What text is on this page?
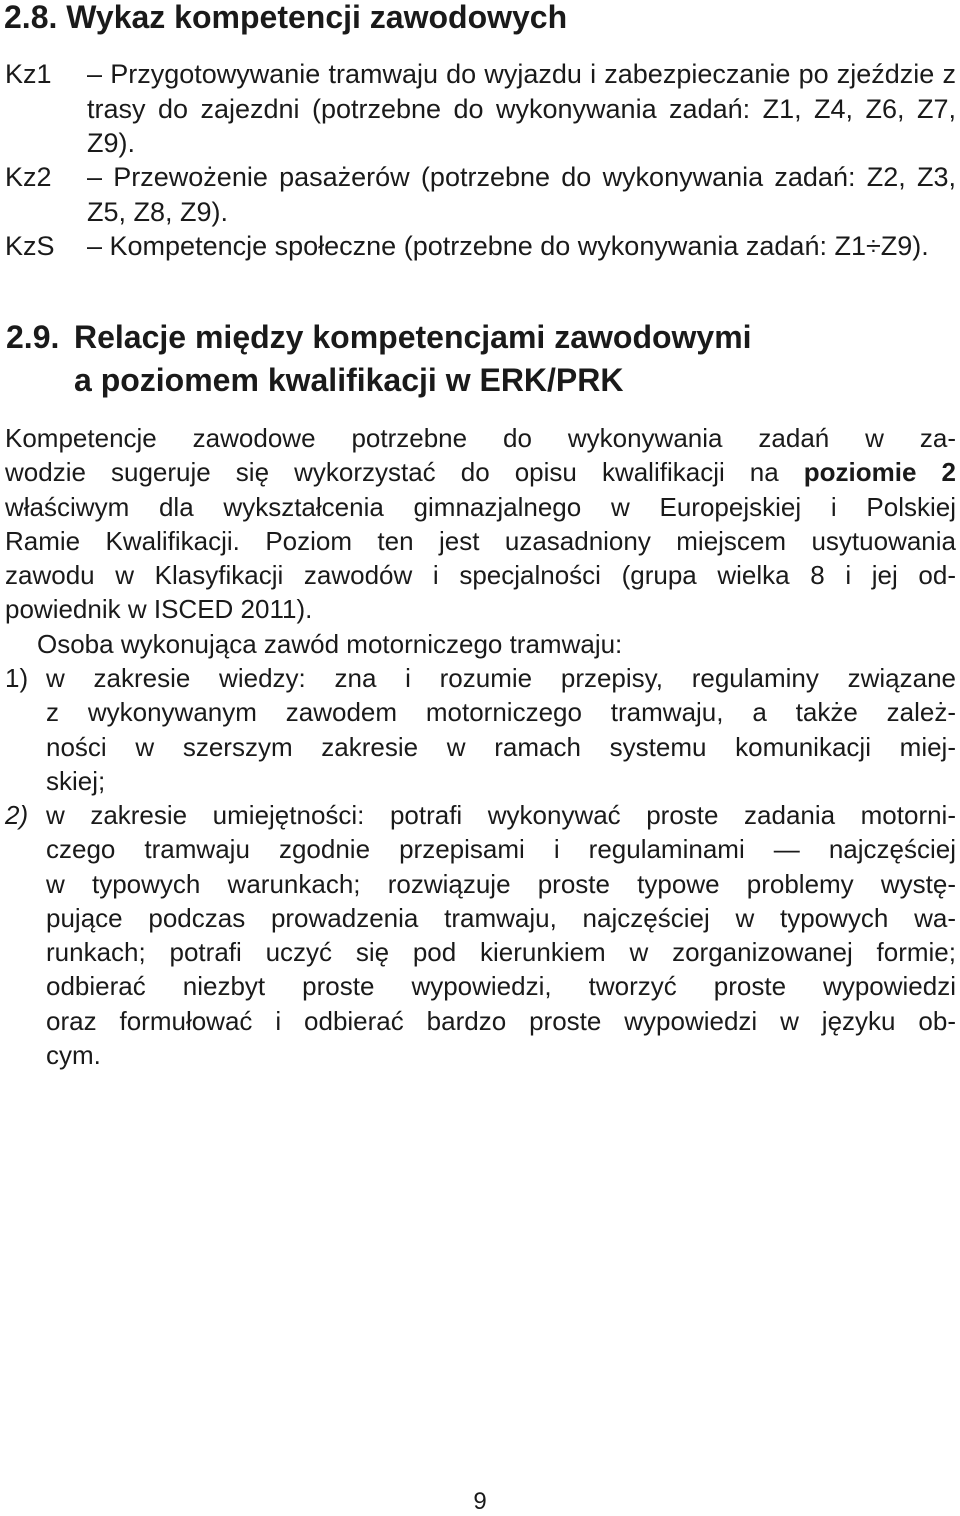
2.8. Wykaz kompetencji zawodowych
Kz1 – Przygotowywanie tramwaju do wyjazdu i zabezpieczanie po zjeździe z trasy do zajezdni (potrzebne do wykonywania zadań: Z1, Z4, Z6, Z7, Z9).
Kz2 – Przewożenie pasażerów (potrzebne do wykonywania zadań: Z2, Z3, Z5, Z8, Z9).
KzS – Kompetencje społeczne (potrzebne do wykonywania zadań: Z1÷Z9).
2.9. Relacje między kompetencjami zawodowymi
a poziomem kwalifikacji w ERK/PRK
Kompetencje zawodowe potrzebne do wykonywania zadań w za-
wodzie sugeruje się wykorzystać do opisu kwalifikacji na poziomie 2
właściwym dla wykształcenia gimnazjalnego w Europejskiej i Polskiej
Ramie Kwalifikacji. Poziom ten jest uzasadniony miejscem usytuowania
zawodu w Klasyfikacji zawodów i specjalności (grupa wielka 8 i jej od-
powiednik w ISCED 2011).

Osoba wykonująca zawód motorniczego tramwaju:

1) w zakresie wiedzy: zna i rozumie przepisy, regulaminy związane
z wykonywanym zawodem motorniczego tramwaju, a także zależ-
ności w szerszym zakresie w ramach systemu komunikacji miej-
skiej;
2) w zakresie umiejętności: potrafi wykonywać proste zadania motorni-
czego tramwaju zgodnie przepisami i regulaminami — najczęściej
w typowych warunkach; rozwiązuje proste typowe problemy wystę-
pujące podczas prowadzenia tramwaju, najczęściej w typowych wa-
runkach; potrafi uczyć się pod kierunkiem w zorganizowanej formie;
odbierać niezbyt proste wypowiedzi, tworzyć proste wypowiedzi
oraz formułować i odbierać bardzo proste wypowiedzi w języku ob-
cym.
9
